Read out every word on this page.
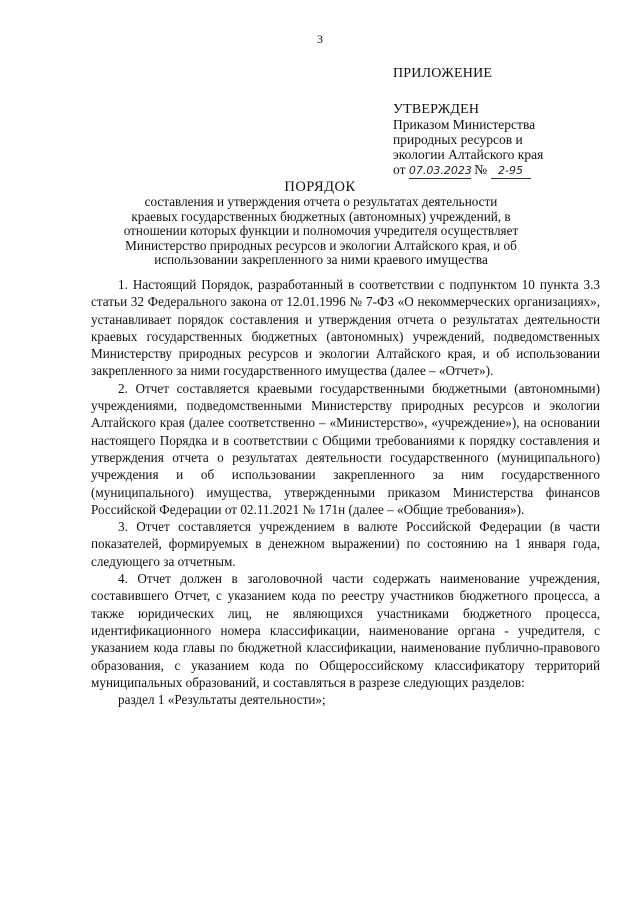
3
ПРИЛОЖЕНИЕ
УТВЕРЖДЕН
Приказом Министерства
природных ресурсов и
экологии Алтайского края
от 07.03.2023 № 2-95
ПОРЯДОК
составления и утверждения отчета о результатах деятельности краевых государственных бюджетных (автономных) учреждений, в отношении которых функции и полномочия учредителя осуществляет Министерство природных ресурсов и экологии Алтайского края, и об использовании закрепленного за ними краевого имущества

1. Настоящий Порядок, разработанный в соответствии с подпунктом 10 пункта 3.3 статьи 32 Федерального закона от 12.01.1996 № 7-ФЗ «О некоммерческих организациях», устанавливает порядок составления и утверждения отчета о результатах деятельности краевых государственных бюджетных (автономных) учреждений, подведомственных Министерству природных ресурсов и экологии Алтайского края, и об использовании закрепленного за ними государственного имущества (далее – «Отчет»).

2. Отчет составляется краевыми государственными бюджетными (автономными) учреждениями, подведомственными Министерству природных ресурсов и экологии Алтайского края (далее соответственно – «Министерство», «учреждение»), на основании настоящего Порядка и в соответствии с Общими требованиями к порядку составления и утверждения отчета о результатах деятельности государственного (муниципального) учреждения и об использовании закрепленного за ним государственного (муниципального) имущества, утвержденными приказом Министерства финансов Российской Федерации от 02.11.2021 № 171н (далее – «Общие требования»).

3. Отчет составляется учреждением в валюте Российской Федерации (в части показателей, формируемых в денежном выражении) по состоянию на 1 января года, следующего за отчетным.

4. Отчет должен в заголовочной части содержать наименование учреждения, составившего Отчет, с указанием кода по реестру участников бюджетного процесса, а также юридических лиц, не являющихся участниками бюджетного процесса, идентификационного номера классификации, наименование органа - учредителя, с указанием кода главы по бюджетной классификации, наименование публично-правового образования, с указанием кода по Общероссийскому классификатору территорий муниципальных образований, и составляться в разрезе следующих разделов:

раздел 1 «Результаты деятельности»;
